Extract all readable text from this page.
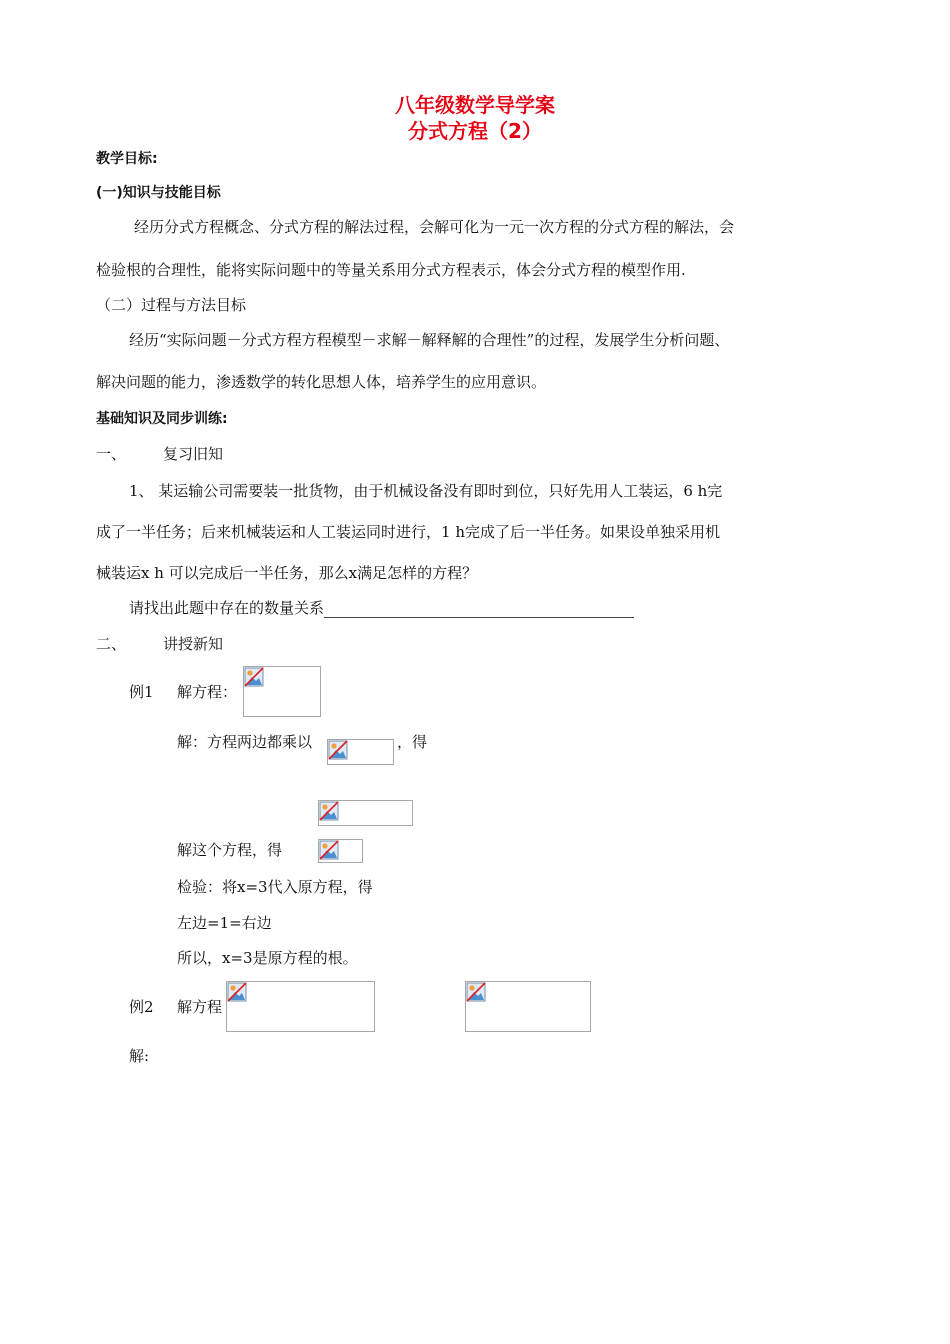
八年级数学导学案
分式方程（2）
教学目标:
(一)知识与技能目标
经历分式方程概念、分式方程的解法过程，会解可化为一元一次方程的分式方程的解法，会
检验根的合理性，能将实际问题中的等量关系用分式方程表示，体会分式方程的模型作用.
（二）过程与方法目标
经历“实际问题－分式方程方程模型－求解－解释解的合理性”的过程，发展学生分析问题、
解决问题的能力，渗透数学的转化思想人体，培养学生的应用意识。
基础知识及同步训练:
一、 复习旧知
1、 某运输公司需要装一批货物，由于机械设备没有即时到位，只好先用人工装运，6 h完
成了一半任务；后来机械装运和人工装运同时进行，1 h完成了后一半任务。如果设单独采用机
械装运x h 可以完成后一半任务，那么x满足怎样的方程？
请找出此题中存在的数量关系
二、 讲授新知
例1 解方程：
解：方程两边都乘以	，得
解这个方程，得
检验：将x=3代入原方程，得
左边=1=右边
所以，x=3是原方程的根。
例2 解方程
解:
